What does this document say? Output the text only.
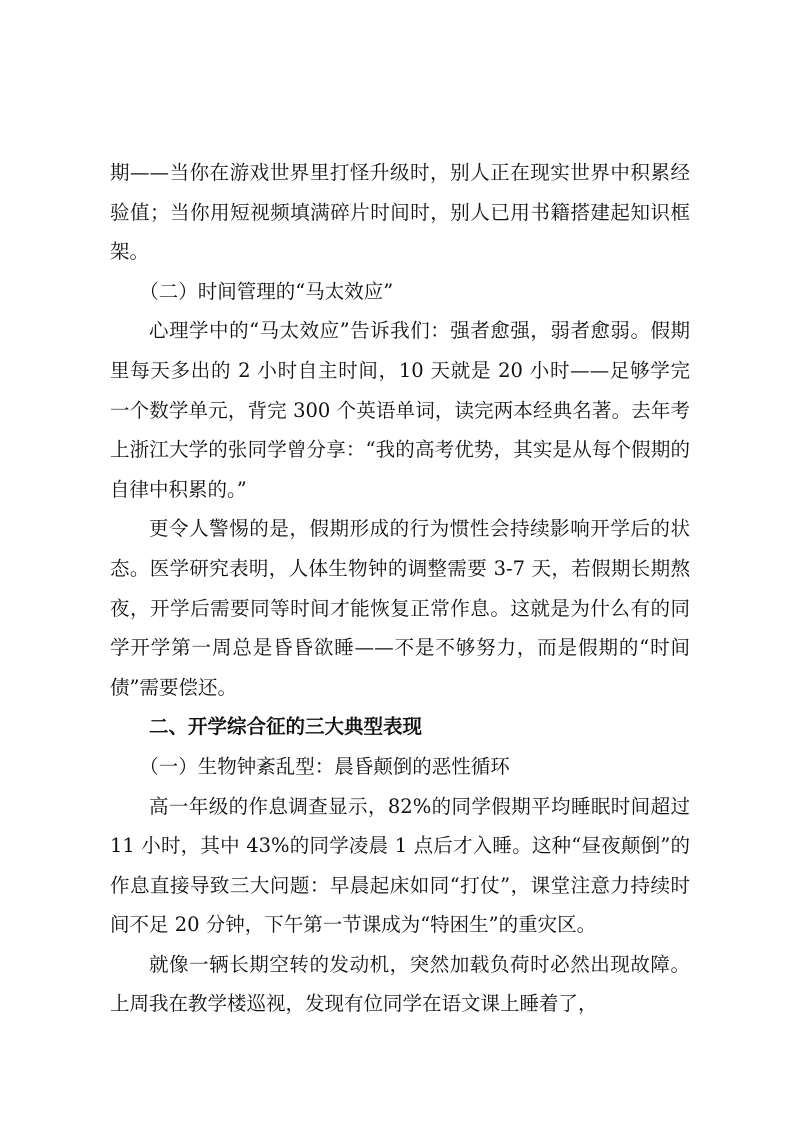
期——当你在游戏世界里打怪升级时，别人正在现实世界中积累经验值；当你用短视频填满碎片时间时，别人已用书籍搭建起知识框架。

（二）时间管理的“马太效应”

心理学中的“马太效应”告诉我们：强者愈强，弱者愈弱。假期里每天多出的 2 小时自主时间，10 天就是 20 小时——足够学完一个数学单元，背完 300 个英语单词，读完两本经典名著。去年考上浙江大学的张同学曾分享：“我的高考优势，其实是从每个假期的自律中积累的。”

更令人警惕的是，假期形成的行为惯性会持续影响开学后的状态。医学研究表明，人体生物钟的调整需要 3-7 天，若假期长期熬夜，开学后需要同等时间才能恢复正常作息。这就是为什么有的同学开学第一周总是昏昏欲睡——不是不够努力，而是假期的“时间债”需要偿还。

二、开学综合征的三大典型表现

（一）生物钟紊乱型：晨昏颠倒的恶性循环

高一年级的作息调查显示，82%的同学假期平均睡眠时间超过 11 小时，其中 43%的同学凌晨 1 点后才入睡。这种“昼夜颠倒”的作息直接导致三大问题：早晨起床如同“打仗”，课堂注意力持续时间不足 20 分钟，下午第一节课成为“特困生”的重灾区。

就像一辆长期空转的发动机，突然加载负荷时必然出现故障。上周我在教学楼巡视，发现有位同学在语文课上睡着了，
